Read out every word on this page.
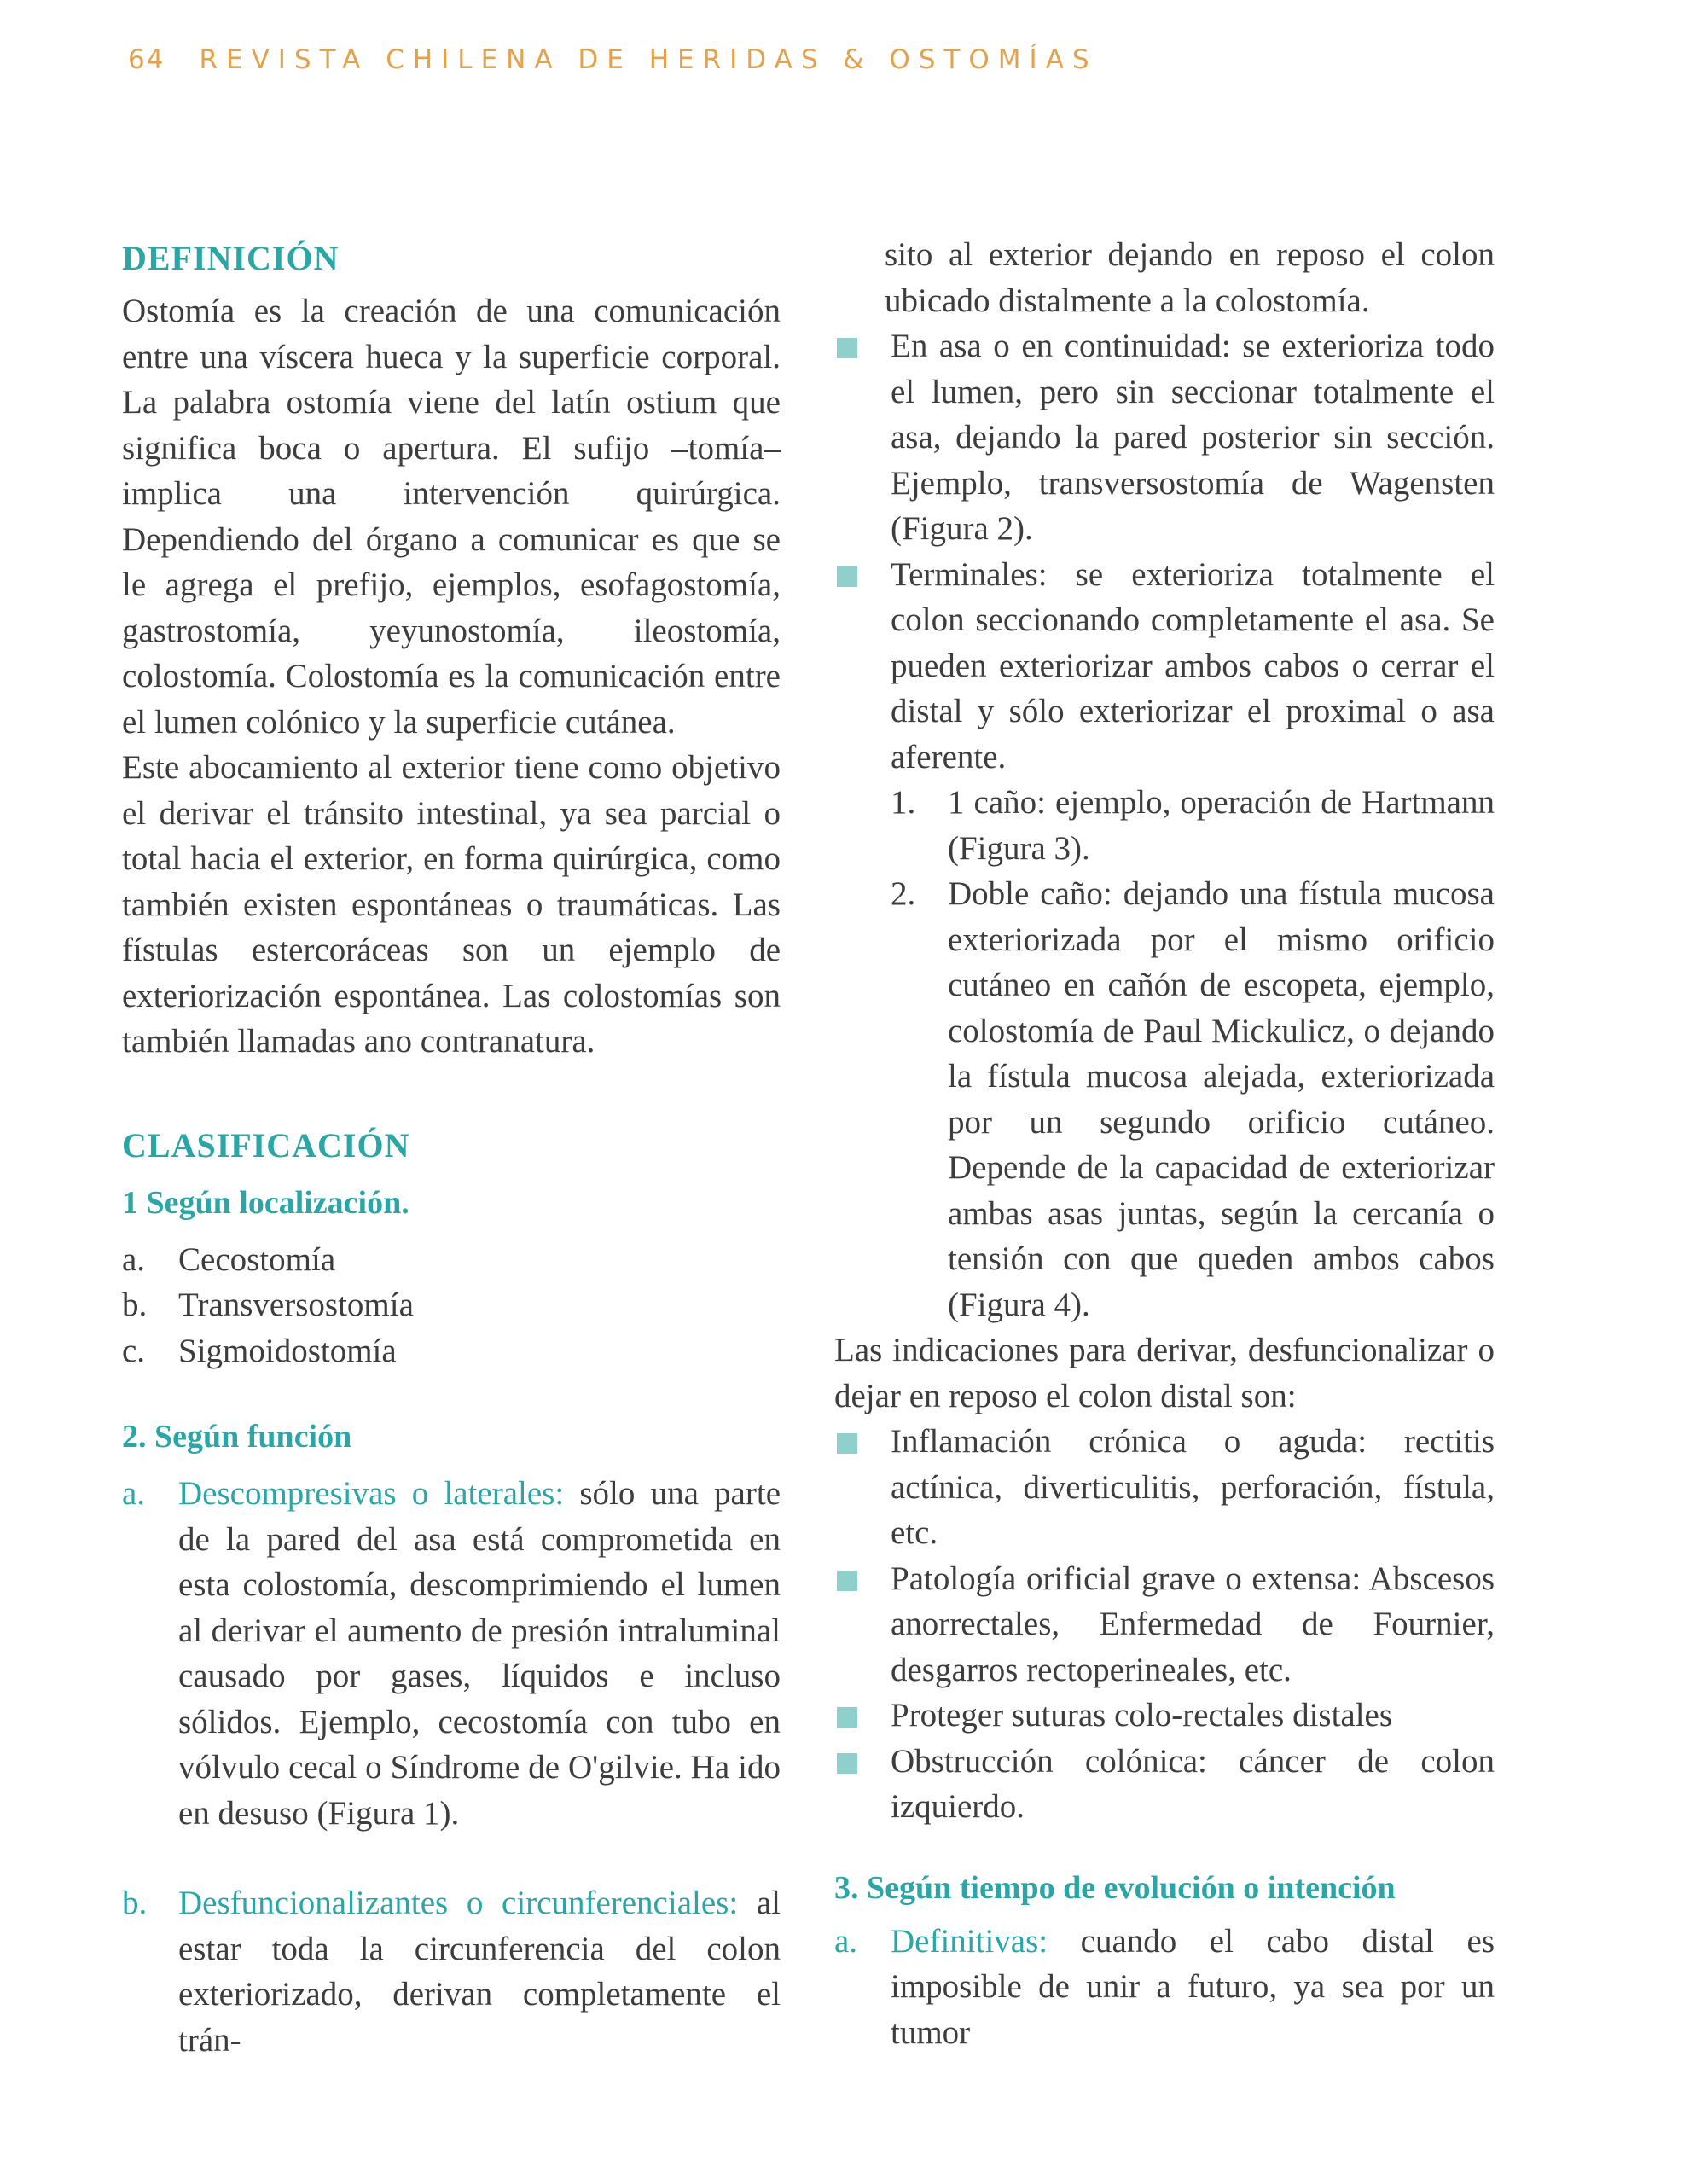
64 REVISTA CHILENA DE HERIDAS & OSTOMÍAS
DEFINICIÓN

Ostomía es la creación de una comunicación entre una víscera hueca y la superficie corporal. La palabra ostomía viene del latín ostium que significa boca o apertura. El sufijo –tomía– implica una intervención quirúrgica. Dependiendo del órgano a comunicar es que se le agrega el prefijo, ejemplos, esofagostomía, gastrostomía, yeyunostomía, ileostomía, colostomía. Colostomía es la comunicación entre el lumen colónico y la superficie cutánea.

Este abocamiento al exterior tiene como objetivo el derivar el tránsito intestinal, ya sea parcial o total hacia el exterior, en forma quirúrgica, como también existen espontáneas o traumáticas. Las fístulas estercoráceas son un ejemplo de exteriorización espontánea. Las colostomías son también llamadas ano contranatura.

CLASIFICACIÓN
1 Según localización.
a. Cecostomía
b. Transversostomía
c. Sigmoidostomía
2. Según función
a. Descompresivas o laterales: sólo una parte de la pared del asa está comprometida en esta colostomía, descomprimiendo el lumen al derivar el aumento de presión intraluminal causado por gases, líquidos e incluso sólidos. Ejemplo, cecostomía con tubo en vólvulo cecal o Síndrome de O'gilvie. Ha ido en desuso (Figura 1).
b. Desfuncionalizantes o circunferenciales: al estar toda la circunferencia del colon exteriorizado, derivan completamente el trán-

sito al exterior dejando en reposo el colon ubicado distalmente a la colostomía.

En asa o en continuidad: se exterioriza todo el lumen, pero sin seccionar totalmente el asa, dejando la pared posterior sin sección. Ejemplo, transversostomía de Wagensten (Figura 2).
Terminales: se exterioriza totalmente el colon seccionando completamente el asa. Se pueden exteriorizar ambos cabos o cerrar el distal y sólo exteriorizar el proximal o asa aferente.
1. 1 caño: ejemplo, operación de Hartmann (Figura 3).
2. Doble caño: dejando una fístula mucosa exteriorizada por el mismo orificio cutáneo en cañón de escopeta, ejemplo, colostomía de Paul Mickulicz, o dejando la fístula mucosa alejada, exteriorizada por un segundo orificio cutáneo. Depende de la capacidad de exteriorizar ambas asas juntas, según la cercanía o tensión con que queden ambos cabos (Figura 4).

Las indicaciones para derivar, desfuncionalizar o dejar en reposo el colon distal son:

Inflamación crónica o aguda: rectitis actínica, diverticulitis, perforación, fístula, etc.
Patología orificial grave o extensa: Abscesos anorrectales, Enfermedad de Fournier, desgarros rectoperineales, etc.
Proteger suturas colo-rectales distales
Obstrucción colónica: cáncer de colon izquierdo.
3. Según tiempo de evolución o intención
a. Definitivas: cuando el cabo distal es imposible de unir a futuro, ya sea por un tumor
